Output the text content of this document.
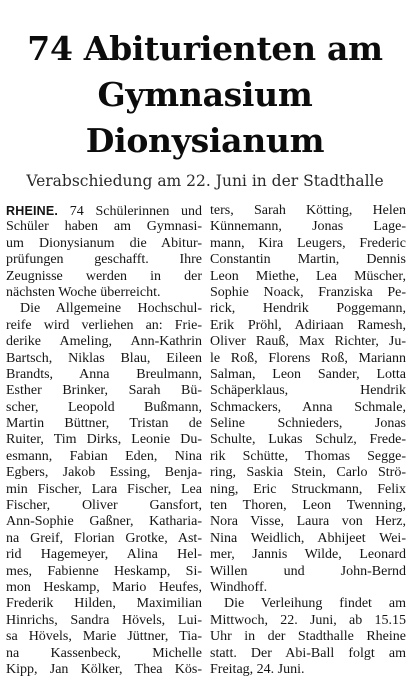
74 Abiturienten am
Gymnasium
Dionysianum
Verabschiedung am 22. Juni in der Stadthalle
RHEINE. 74 Schülerinnen und
Schüler haben am Gymnasi-
um Dionysianum die Abitur-
prüfungen geschafft. Ihre
Zeugnisse werden in der
nächsten Woche überreicht.
Die Allgemeine Hochschul-
reife wird verliehen an: Frie-
derike Ameling, Ann-Kathrin
Bartsch, Niklas Blau, Eileen
Brandts, Anna Breulmann,
Esther Brinker, Sarah Bü-
scher, Leopold Bußmann,
Martin Büttner, Tristan de
Ruiter, Tim Dirks, Leonie Du-
esmann, Fabian Eden, Nina
Egbers, Jakob Essing, Benja-
min Fischer, Lara Fischer, Lea
Fischer, Oliver Gansfort,
Ann-Sophie Gaßner, Katharia-
na Greif, Florian Grotke, Ast-
rid Hagemeyer, Alina Hel-
mes, Fabienne Heskamp, Si-
mon Heskamp, Mario Heufes,
Frederik Hilden, Maximilian
Hinrichs, Sandra Hövels, Lui-
sa Hövels, Marie Jüttner, Tia-
na Kassenbeck, Michelle
Kipp, Jan Kölker, Thea Kös-
ters, Sarah Kötting, Helen
Künnemann, Jonas Lage-
mann, Kira Leugers, Frederic
Constantin Martin, Dennis
Leon Miethe, Lea Müscher,
Sophie Noack, Franziska Pe-
rick, Hendrik Poggemann,
Erik Pröhl, Adiriaan Ramesh,
Oliver Rauß, Max Richter, Ju-
le Roß, Florens Roß, Mariann
Salman, Leon Sander, Lotta
Schäperklaus, Hendrik
Schmackers, Anna Schmale,
Seline Schnieders, Jonas
Schulte, Lukas Schulz, Frede-
rik Schütte, Thomas Segge-
ring, Saskia Stein, Carlo Strö-
ning, Eric Struckmann, Felix
ten Thoren, Leon Twenning,
Nora Visse, Laura von Herz,
Nina Weidlich, Abhijeet Wei-
mer, Jannis Wilde, Leonard
Willen und John-Bernd
Windhoff.
Die Verleihung findet am
Mittwoch, 22. Juni, ab 15.15
Uhr in der Stadthalle Rheine
statt. Der Abi-Ball folgt am
Freitag, 24. Juni.
